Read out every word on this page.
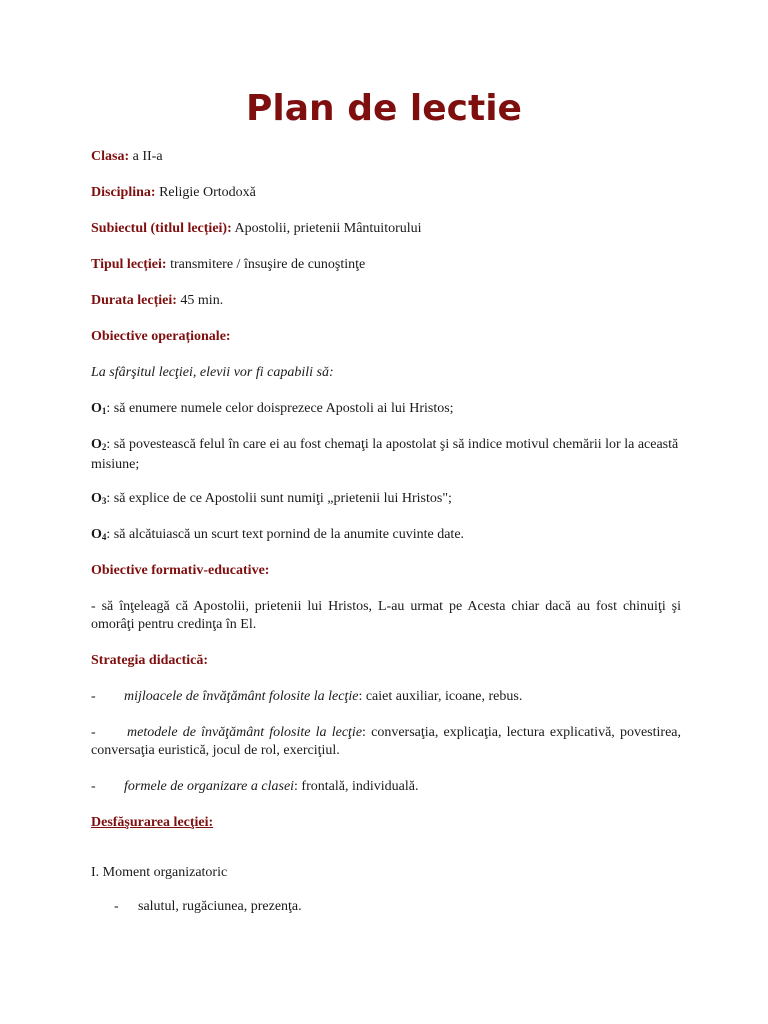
Plan de lectie

Clasa: a II-a

Disciplina: Religie Ortodoxă

Subiectul (titlul lecției): Apostolii, prietenii Mântuitorului

Tipul lecției: transmitere / însuşire de cunoştinţe

Durata lecției: 45 min.

Obiective operaționale:

La sfârşitul lecţiei, elevii vor fi capabili să:

$O_1$: să enumere numele celor doisprezece Apostoli ai lui Hristos;

$O_2$: să povestească felul în care ei au fost chemaţi la apostolat şi să indice motivul chemării lor la această misiune;

$O_3$: să explice de ce Apostolii sunt numiţi „prietenii lui Hristos";

$O_4$: să alcătuiască un scurt text pornind de la anumite cuvinte date.

Obiective formativ-educative:

- să înţeleagă că Apostolii, prietenii lui Hristos, L-au urmat pe Acesta chiar dacă au fost chinuiţi şi omorâţi pentru credinţa în El.

Strategia didactică:

- mijloacele de învăţământ folosite la lecţie: caiet auxiliar, icoane, rebus.

- metodele de învăţământ folosite la lecţie: conversaţia, explicaţia, lectura explicativă, povestirea, conversaţia euristică, jocul de rol, exerciţiul.

- formele de organizare a clasei: frontală, individuală.

Desfăşurarea lecţiei:

I. Moment organizatoric

- salutul, rugăciunea, prezenţa.
